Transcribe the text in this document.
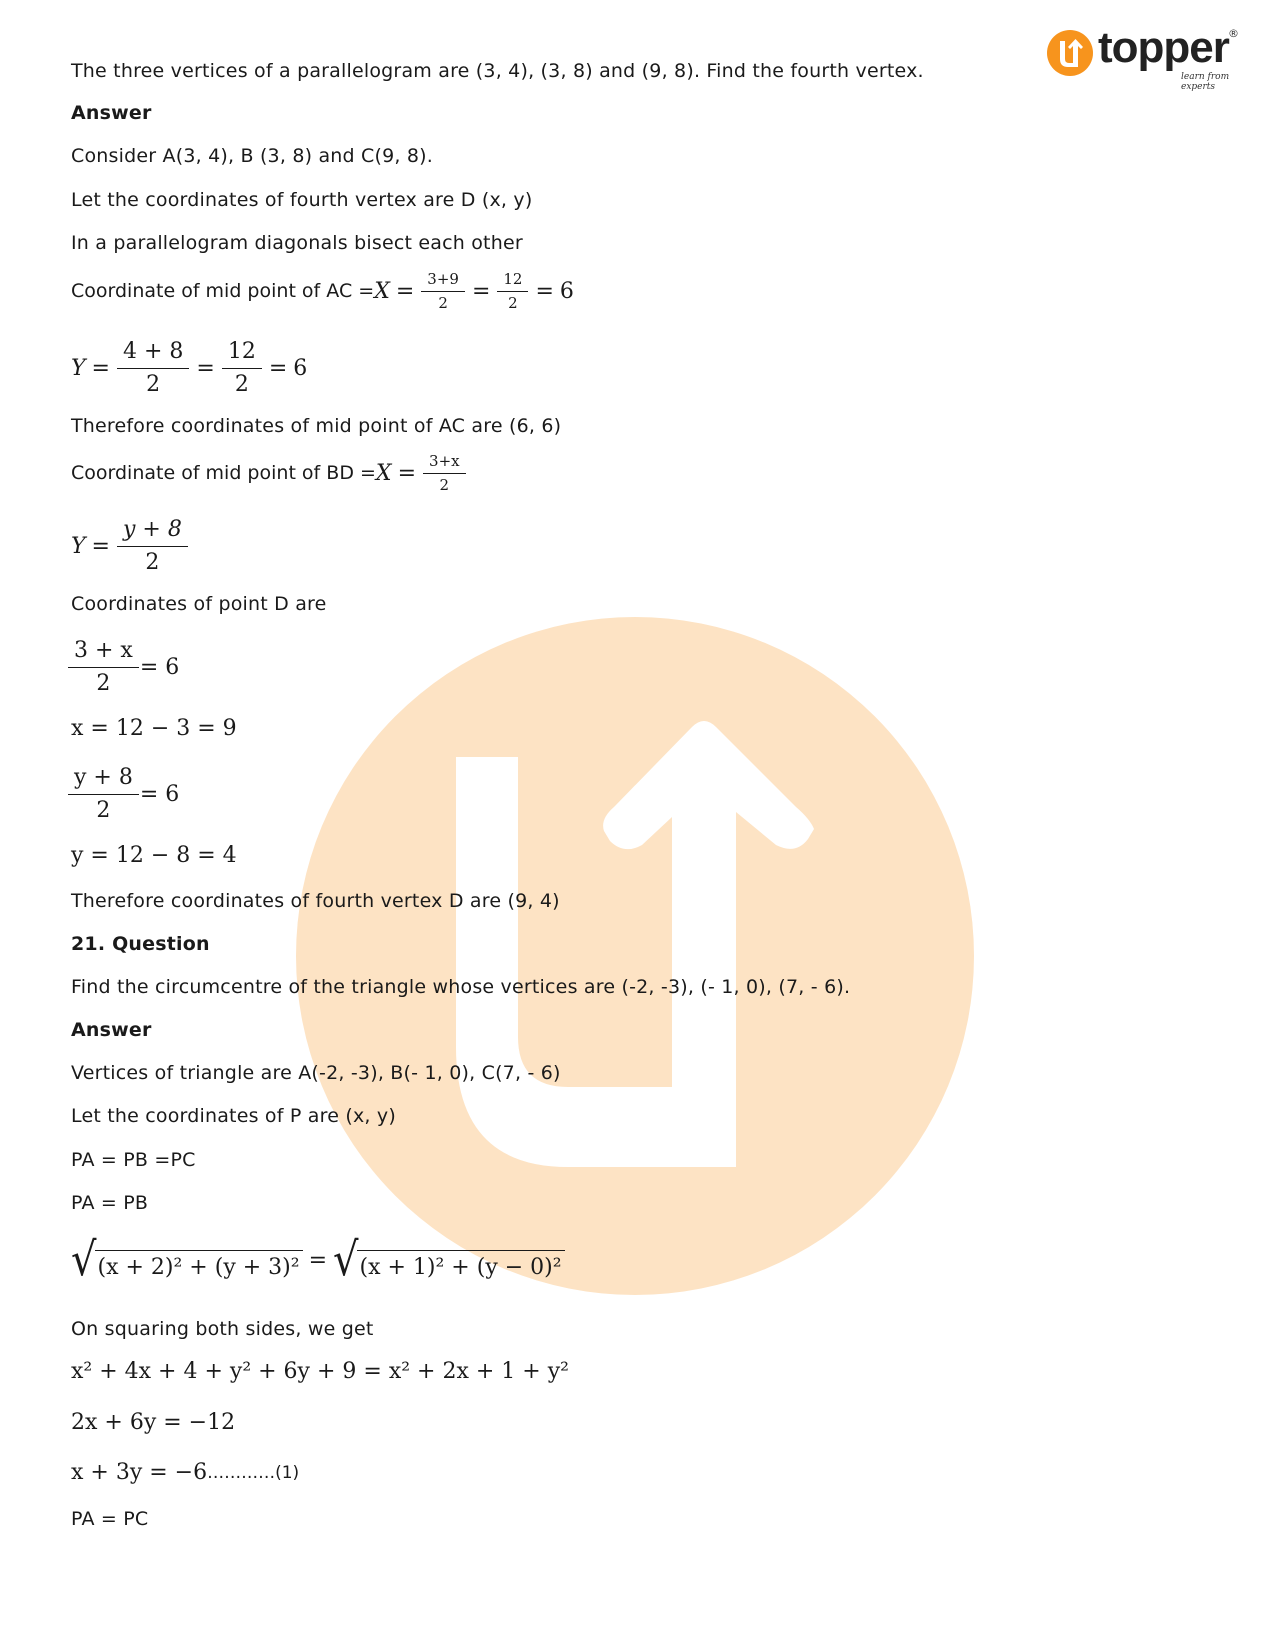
topper
learn from experts
®
The three vertices of a parallelogram are (3, 4), (3, 8) and (9, 8). Find the fourth vertex.
Answer
Consider A(3, 4), B (3, 8) and C(9, 8).
Let the coordinates of fourth vertex are D (x, y)
In a parallelogram diagonals bisect each other
Coordinate of mid point of AC = $X = \frac{3+9}{2} = \frac{12}{2} = 6$
$Y = \frac{4 + 8}{2} = \frac{12}{2} = 6$
Therefore coordinates of mid point of AC are (6, 6)
Coordinate of mid point of BD = $X = \frac{3+x}{2}$
$Y = \frac{y + 8}{2}$
Coordinates of point D are
$\frac{3 + x}{2} = 6$
x = 12 − 3 = 9
$\frac{y + 8}{2} = 6$
y = 12 − 8 = 4
Therefore coordinates of fourth vertex D are (9, 4)
21. Question
Find the circumcentre of the triangle whose vertices are (-2, -3), (- 1, 0), (7, - 6).
Answer
Vertices of triangle are A(-2, -3), B(- 1, 0), C(7, - 6)
Let the coordinates of P are (x, y)
PA = PB =PC
PA = PB
√ (x + 2)² + (y + 3)² = √ (x + 1)² + (y − 0)²
On squaring both sides, we get
x² + 4x + 4 + y² + 6y + 9 = x² + 2x + 1 + y²
2x + 6y = −12
x + 3y = −6 ………… (1)
PA = PC
